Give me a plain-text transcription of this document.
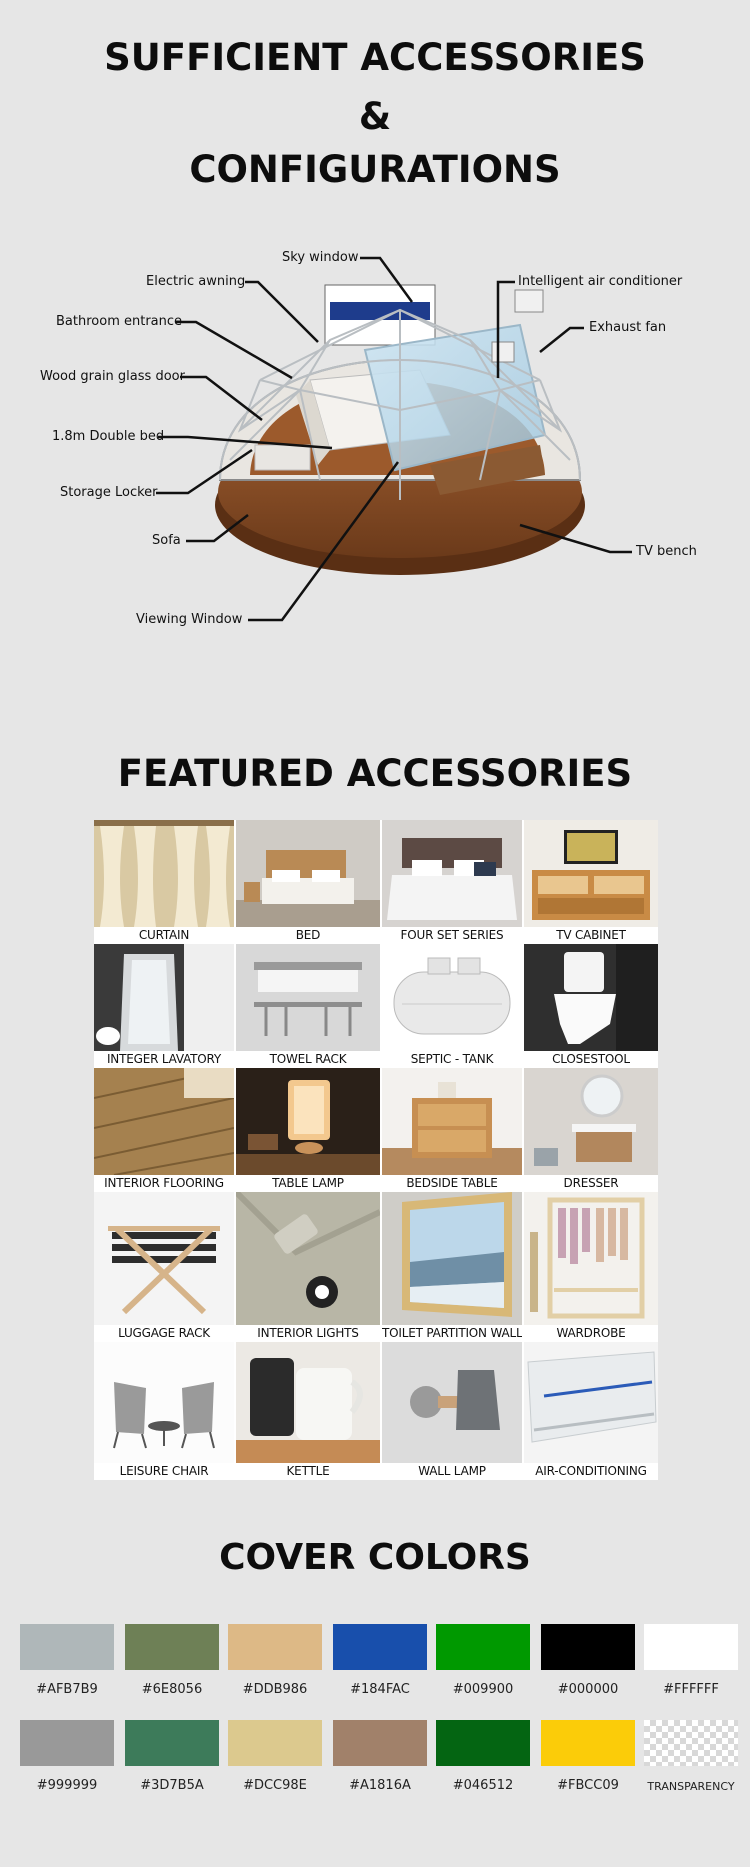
SUFFICIENT ACCESSORIES
&
CONFIGURATIONS
Sky window
Electric awning
Bathroom entrance
Wood grain glass door
1.8m Double bed
Storage Locker
Sofa
Viewing Window
Intelligent air conditioner
Exhaust fan
TV bench
FEATURED ACCESSORIES
CURTAIN	BED	FOUR SET SERIES	TV CABINET
INTEGER LAVATORY	TOWEL RACK	SEPTIC - TANK	CLOSESTOOL
INTERIOR FLOORING	TABLE LAMP	BEDSIDE TABLE	DRESSER
LUGGAGE RACK	INTERIOR LIGHTS	TOILET PARTITION WALL	WARDROBE
LEISURE CHAIR	KETTLE	WALL LAMP	AIR-CONDITIONING
COVER COLORS
#AFB7B9	#6E8056	#DDB986	#184FAC	#009900	#000000	#FFFFFF
#999999	#3D7B5A	#DCC98E	#A1816A	#046512	#FBCC09	TRANSPARENCY
